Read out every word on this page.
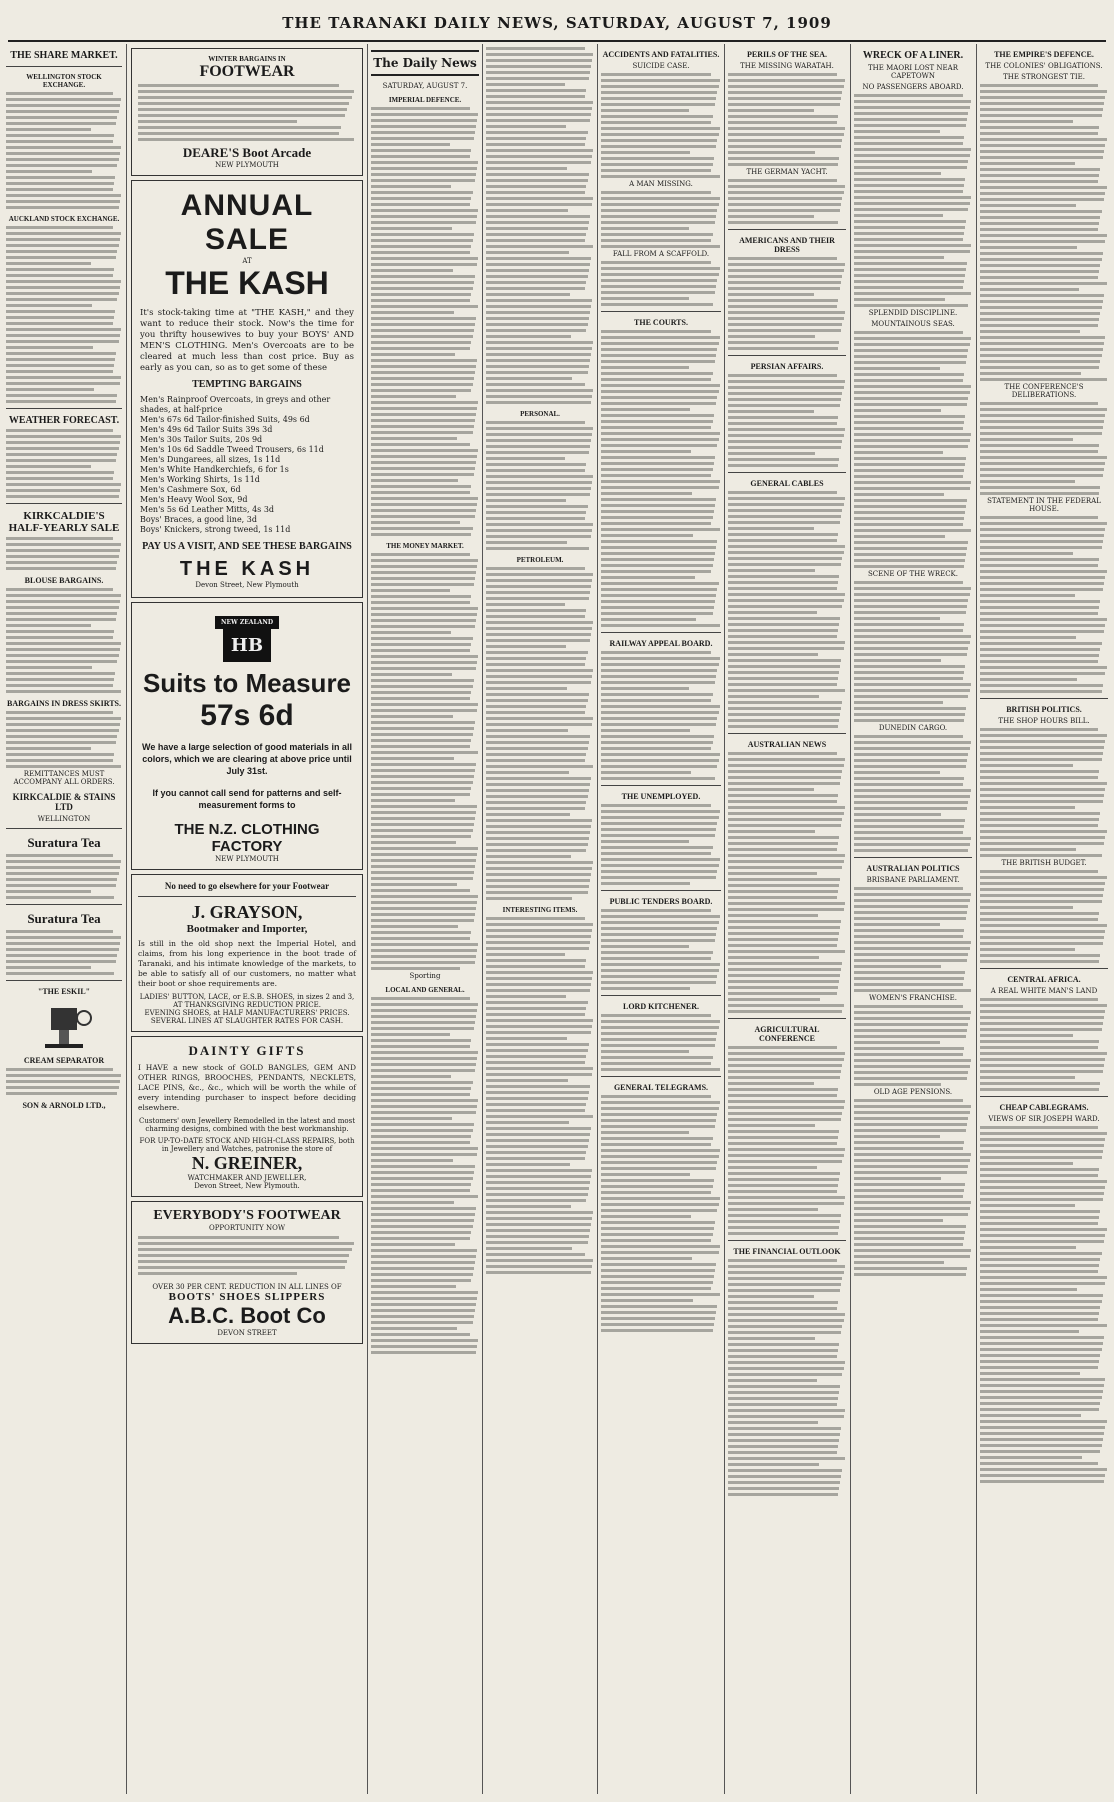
THE TARANAKI DAILY NEWS, SATURDAY, AUGUST 7, 1909
THE SHARE MARKET.
WELLINGTON STOCK EXCHANGE.
AUCKLAND STOCK EXCHANGE.
WEATHER FORECAST.
KIRKCALDIE'S HALF-YEARLY SALE
BLOUSE BARGAINS.
BARGAINS IN DRESS SKIRTS.
REMITTANCES MUST ACCOMPANY ALL ORDERS.
KIRKCALDIE & STAINS LTD
WELLINGTON
Suratura Tea
Suratura Tea
"THE ESKIL"
CREAM SEPARATOR
SON & ARNOLD LTD.,
WINTER BARGAINS IN
FOOTWEAR
DEARE'S Boot Arcade
NEW PLYMOUTH
ANNUAL SALE
AT
THE KASH
It's stock-taking time at "THE KASH," and they want to reduce their stock. Now's the time for you thrifty housewives to buy your BOYS' AND MEN'S CLOTHING. Men's Overcoats are to be cleared at much less than cost price. Buy as early as you can, so as to get some of these
TEMPTING BARGAINS
Men's Rainproof Overcoats, in greys and other shades, at half-price
Men's 67s 6d Tailor-finished Suits, 49s 6d
Men's 49s 6d Tailor Suits 39s 3d
Men's 30s Tailor Suits, 20s 9d
Men's 10s 6d Saddle Tweed Trousers, 6s 11d
Men's Dungarees, all sizes, 1s 11d
Men's White Handkerchiefs, 6 for 1s
Men's Working Shirts, 1s 11d
Men's Cashmere Sox, 6d
Men's Heavy Wool Sox, 9d
Men's 5s 6d Leather Mitts, 4s 3d
Boys' Braces, a good line, 3d
Boys' Knickers, strong tweed, 1s 11d
PAY US A VISIT, AND SEE THESE BARGAINS
THE KASH
Devon Street, New Plymouth
NEW ZEALAND
HB
Suits to Measure
57s 6d
We have a large selection of good materials in all colors, which we are clearing at above price until July 31st.
If you cannot call send for patterns and self-measurement forms to
THE N.Z. CLOTHING FACTORY
NEW PLYMOUTH
No need to go elsewhere for your Footwear
J. GRAYSON,
Bootmaker and Importer,
Is still in the old shop next the Imperial Hotel, and claims, from his long experience in the boot trade of Taranaki, and his intimate knowledge of the markets, to be able to satisfy all of our customers, no matter what their boot or shoe requirements are.
LADIES' BUTTON, LACE, or E.S.B. SHOES, in sizes 2 and 3, AT THANKSGIVING REDUCTION PRICE.
EVENING SHOES, at HALF MANUFACTURERS' PRICES.
SEVERAL LINES AT SLAUGHTER RATES FOR CASH.
DAINTY GIFTS
I HAVE a new stock of GOLD BANGLES, GEM AND OTHER RINGS, BROOCHES, PENDANTS, NECKLETS, LACE PINS, &c., &c., which will be worth the while of every intending purchaser to inspect before deciding elsewhere.
Customers' own Jewellery Remodelled in the latest and most charming designs, combined with the best workmanship.
FOR UP-TO-DATE STOCK AND HIGH-CLASS REPAIRS, both in Jewellery and Watches, patronise the store of
N. GREINER,
WATCHMAKER AND JEWELLER,
Devon Street, New Plymouth.
EVERYBODY'S FOOTWEAR
OPPORTUNITY NOW
OVER 30 PER CENT. REDUCTION IN ALL LINES OF
BOOTS' SHOES SLIPPERS
A.B.C. Boot Co
DEVON STREET
The Daily News
SATURDAY, AUGUST 7.
IMPERIAL DEFENCE.
THE MONEY MARKET.
Sporting
LOCAL AND GENERAL.
PERSONAL.
PETROLEUM.
INTERESTING ITEMS.
ACCIDENTS AND FATALITIES.
SUICIDE CASE.
A MAN MISSING.
FALL FROM A SCAFFOLD.
THE COURTS.
RAILWAY APPEAL BOARD.
THE UNEMPLOYED.
PUBLIC TENDERS BOARD.
LORD KITCHENER.
GENERAL TELEGRAMS.
PERILS OF THE SEA.
THE MISSING WARATAH.
THE GERMAN YACHT.
AMERICANS AND THEIR DRESS
PERSIAN AFFAIRS.
GENERAL CABLES
AUSTRALIAN NEWS
AGRICULTURAL CONFERENCE
THE FINANCIAL OUTLOOK
WRECK OF A LINER.
THE MAORI LOST NEAR CAPETOWN
NO PASSENGERS ABOARD.
SPLENDID DISCIPLINE.
MOUNTAINOUS SEAS.
SCENE OF THE WRECK.
DUNEDIN CARGO.
AUSTRALIAN POLITICS
BRISBANE PARLIAMENT.
WOMEN'S FRANCHISE.
OLD AGE PENSIONS.
THE EMPIRE'S DEFENCE.
THE COLONIES' OBLIGATIONS.
THE STRONGEST TIE.
THE CONFERENCE'S DELIBERATIONS.
STATEMENT IN THE FEDERAL HOUSE.
BRITISH POLITICS.
THE SHOP HOURS BILL.
THE BRITISH BUDGET.
CENTRAL AFRICA.
A REAL WHITE MAN'S LAND
CHEAP CABLEGRAMS.
VIEWS OF SIR JOSEPH WARD.
